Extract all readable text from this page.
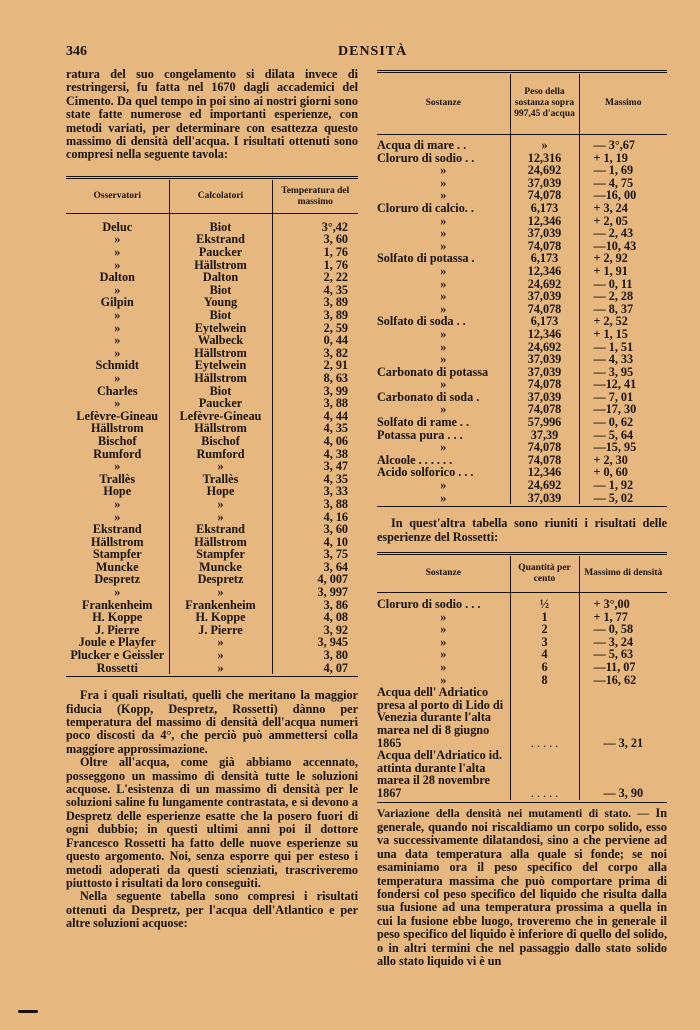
346	DENSITÀ

ratura del suo congelamento si dilata invece di restringersi, fu fatta nel 1670 dagli accademici del Cimento. Da quel tempo in poi sino ai nostri giorni sono state fatte numerose ed importanti esperienze, con metodi variati, per determinare con esattezza questo massimo di densità dell'acqua. I risultati ottenuti sono compresi nella seguente tavola:

Osservatori	Calcolatori	Temperatura del massimo

Deluc	Biot	3°,42
»	Ekstrand	3, 60
»	Paucker	1, 76
»	Hällstrom	1, 76
Dalton	Dalton	2, 22
»	Biot	4, 35
Gilpin	Young	3, 89
»	Biot	3, 89
»	Eytelwein	2, 59
»	Walbeck	0, 44
»	Hällstrom	3, 82
Schmidt	Eytelwein	2, 91
»	Hällstrom	8, 63
Charles	Biot	3, 99
»	Paucker	3, 88
Lefèvre-Gineau	Lefèvre-Gineau	4, 44
Hällstrom	Hällstrom	4, 35
Bischof	Bischof	4, 06
Rumford	Rumford	4, 38
»	»	3, 47
Trallès	Trallès	4, 35
Hope	Hope	3, 33
»	»	3, 88
»	»	4, 16
Ekstrand	Ekstrand	3, 60
Hällstrom	Hällstrom	4, 10
Stampfer	Stampfer	3, 75
Muncke	Muncke	3, 64
Despretz	Despretz	4, 007
»	»	3, 997
Frankenheim	Frankenheim	3, 86
H. Koppe	H. Koppe	4, 08
J. Pierre	J. Pierre	3, 92
Joule e Playfer	»	3, 945
Plucker e Geissler	»	3, 80
Rossetti	»	4, 07

Fra i quali risultati, quelli che meritano la maggior fiducia (Kopp, Despretz, Rossetti) dànno per temperatura del massimo di densità dell'acqua numeri poco discosti da 4°, che perciò può ammettersi colla maggiore approssimazione.

Oltre all'acqua, come già abbiamo accennato, posseggono un massimo di densità tutte le soluzioni acquose. L'esistenza di un massimo di densità per le soluzioni saline fu lungamente contrastata, e si devono a Despretz delle esperienze esatte che la posero fuori di ogni dubbio; in questi ultimi anni poi il dottore Francesco Rossetti ha fatto delle nuove esperienze su questo argomento. Noi, senza esporre qui per esteso i metodi adoperati da questi scienziati, trascriveremo piuttosto i risultati da loro conseguiti.

Nella seguente tabella sono compresi i risultati ottenuti da Despretz, per l'acqua dell'Atlantico e per altre soluzioni acquose:

Sostanze	Peso della sostanza sopra 997,45 d'acqua	Massimo

Acqua di mare . .	»	— 3°,67
Cloruro di sodio . .	12,316	+ 1, 19
»	24,692	— 1, 69
»	37,039	— 4, 75
»	74,078	—16, 00
Cloruro di calcio. .	6,173	+ 3, 24
»	12,346	+ 2, 05
»	37,039	— 2, 43
»	74,078	—10, 43
Solfato di potassa .	6,173	+ 2, 92
»	12,346	+ 1, 91
»	24,692	— 0, 11
»	37,039	— 2, 28
»	74,078	— 8, 37
Solfato di soda . .	6,173	+ 2, 52
»	12,346	+ 1, 15
»	24,692	— 1, 51
»	37,039	— 4, 33
Carbonato di potassa	37,039	— 3, 95
»	74,078	—12, 41
Carbonato di soda .	37,039	— 7, 01
»	74,078	—17, 30
Solfato di rame . .	57,996	— 0, 62
Potassa pura . . .	37,39	— 5, 64
»	74,078	—15, 95
Alcoole . . . . . .	74,078	+ 2, 30
Acido solforico . . .	12,346	+ 0, 60
»	24,692	— 1, 92
»	37,039	— 5, 02

In quest'altra tabella sono riuniti i risultati delle esperienze del Rossetti:

Sostanze	Quantità per cento	Massimo di densità

Cloruro di sodio . . .	½	+ 3°,00
»	1	+ 1, 77
»	2	— 0, 58
»	3	— 3, 24
»	4	— 5, 63
»	6	—11, 07
»	8	—16, 62
Acqua dell' Adriatico presa al porto di Lido di Venezia durante l'alta marea nel di 8 giugno 1865	. . . . .	— 3, 21
Acqua dell'Adriatico id. attinta durante l'alta marea il 28 novembre 1867	. . . . .	— 3, 90

Variazione della densità nei mutamenti di stato. — In generale, quando noi riscaldiamo un corpo solido, esso va successivamente dilatandosi, sino a che perviene ad una data temperatura alla quale si fonde; se noi esaminiamo ora il peso specifico del corpo alla temperatura massima che può comportare prima di fondersi col peso specifico del liquido che risulta dalla sua fusione ad una temperatura prossima a quella in cui la fusione ebbe luogo, troveremo che in generale il peso specifico del liquido è inferiore di quello del solido, o in altri termini che nel passaggio dallo stato solido allo stato liquido vi è un
